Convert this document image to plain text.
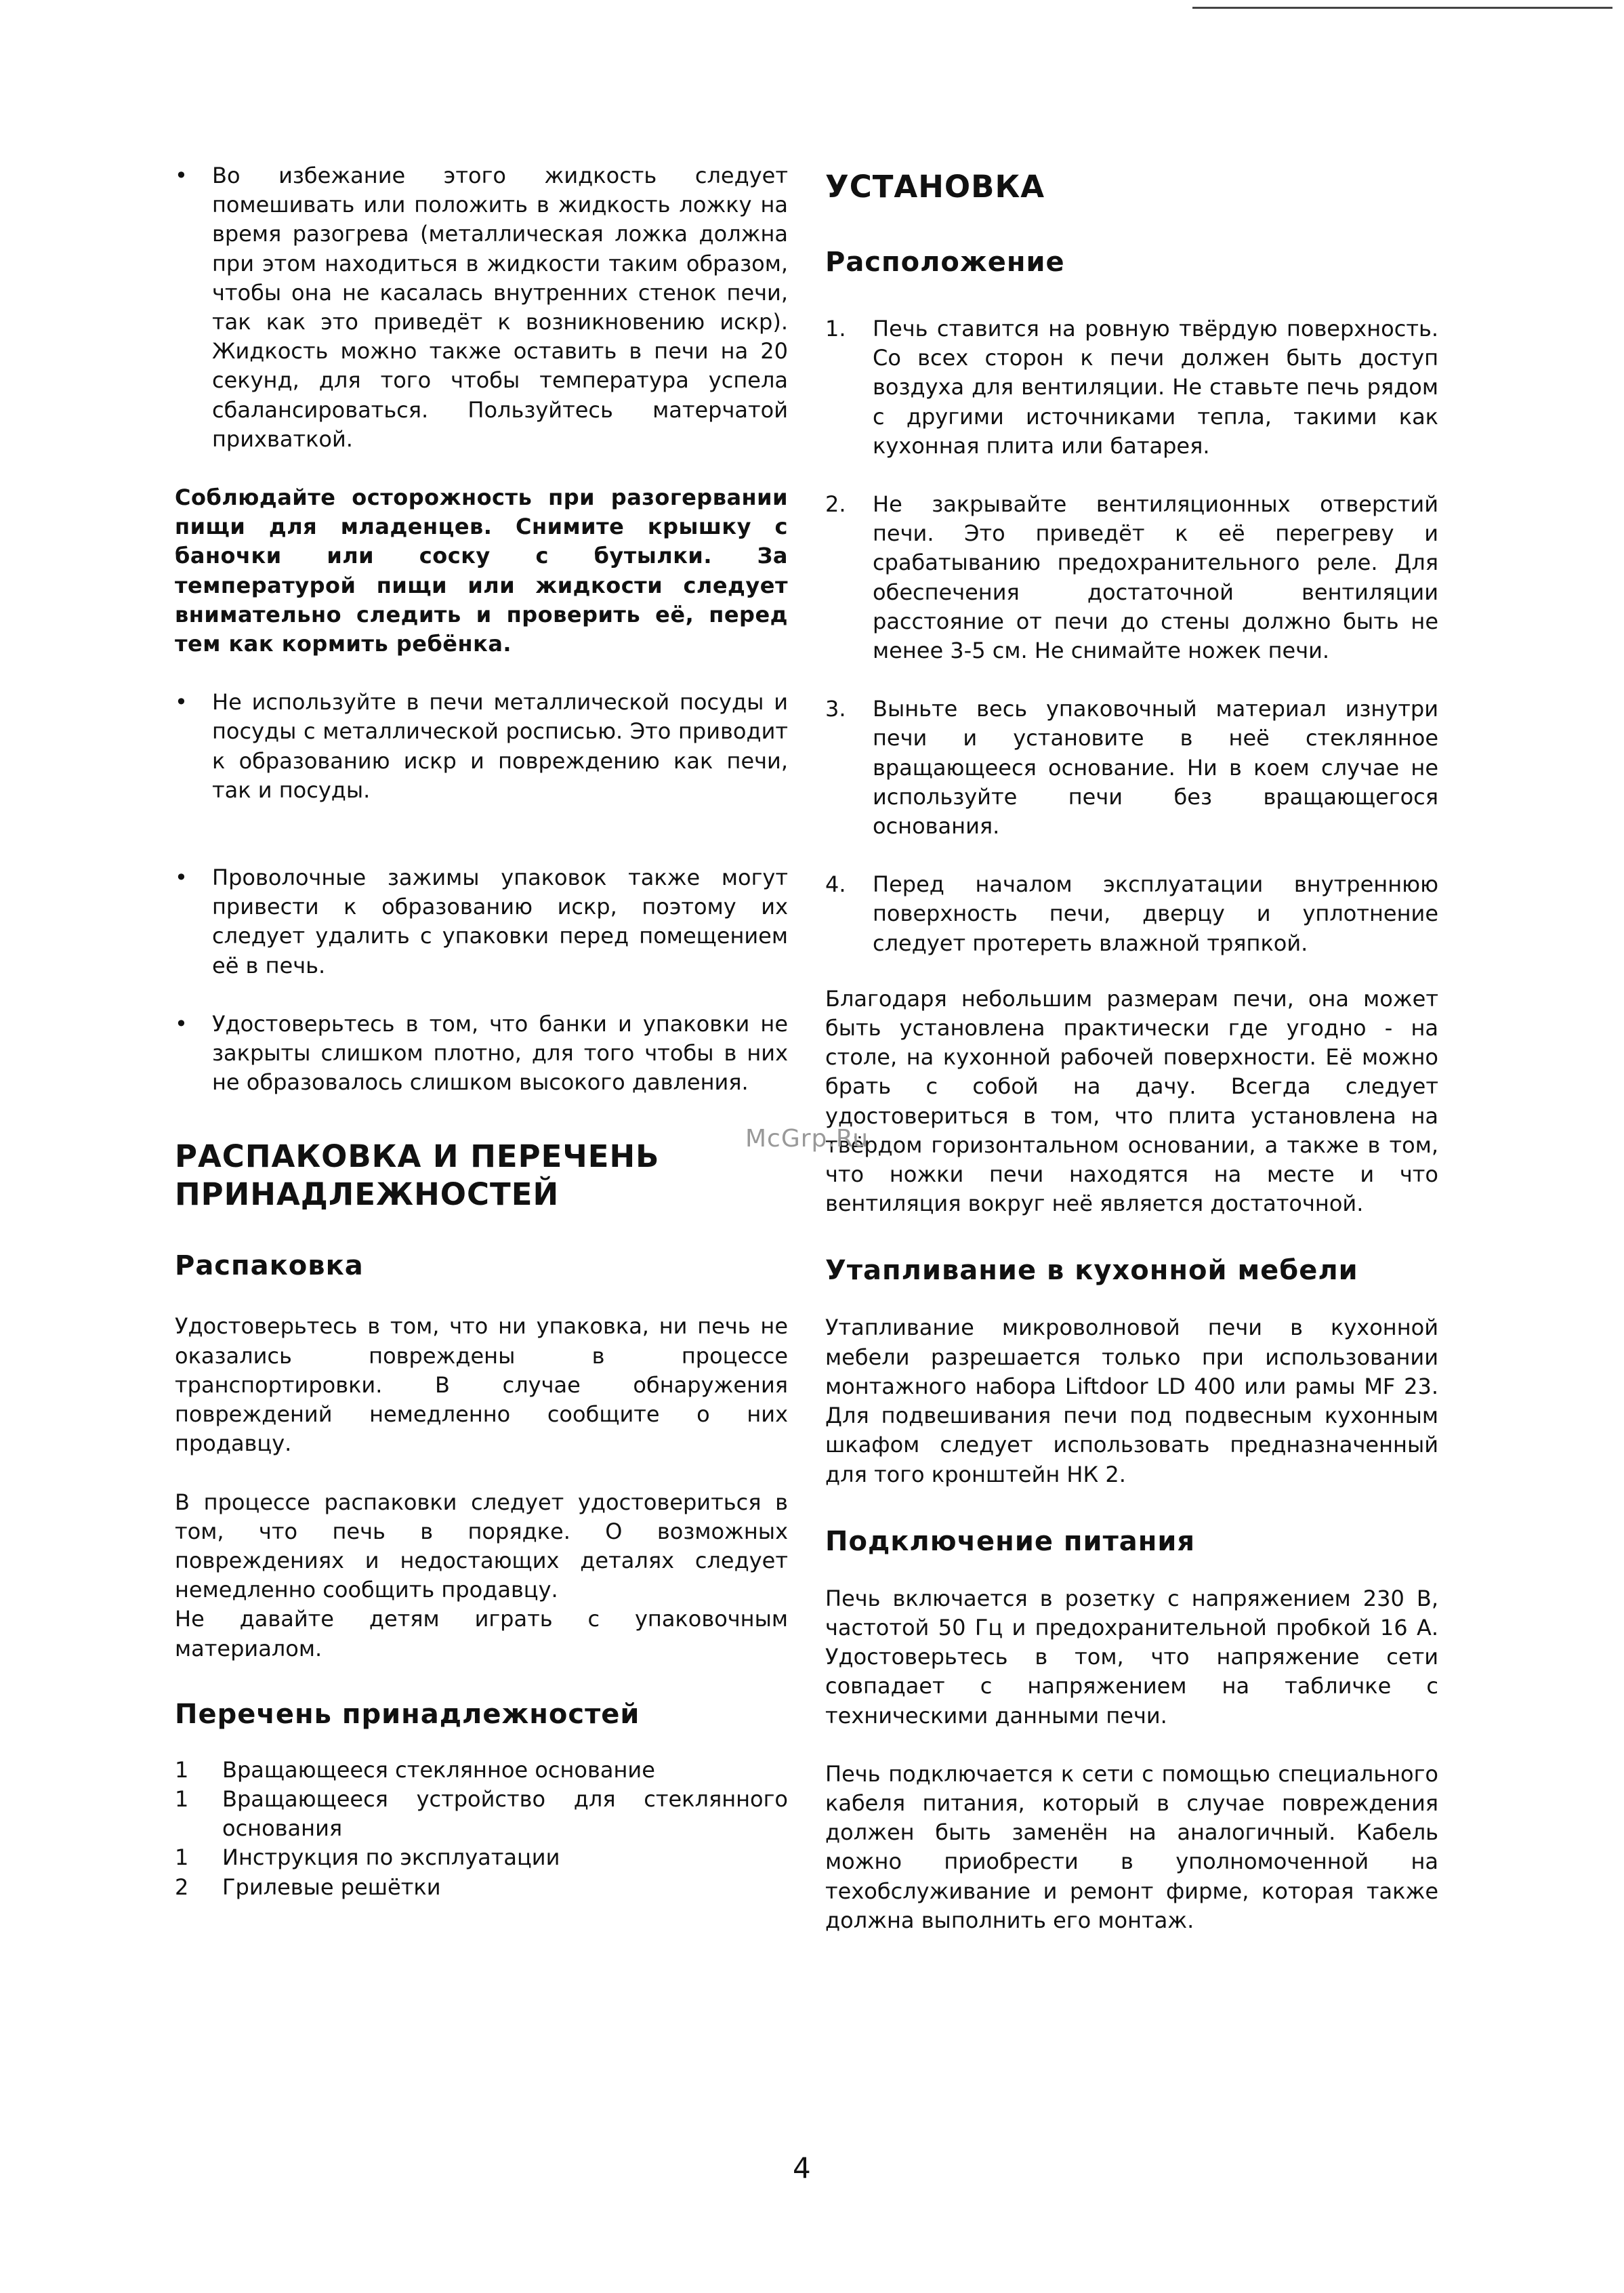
• Во избежание этого жидкость следует помешивать или положить в жидкость ложку на время разогрева (металлическая ложка должна при этом находиться в жидкости таким образом, чтобы она не касалась внутренних стенок печи, так как это приведёт к возникновению искр). Жидкость можно также оставить в печи на 20 секунд, для того чтобы температура успела сбалансироваться. Пользуйтесь матерчатой прихваткой.

Соблюдайте осторожность при разогервании пищи для младенцев. Снимите крышку с баночки или соску с бутылки. За температурой пищи или жидкости следует внимательно следить и проверить её, перед тем как кормить ребёнка.

• Не используйте в печи металлической посуды и посуды с металлической росписью. Это приводит к образованию искр и повреждению как печи, так и посуды.
• Проволочные зажимы упаковок также могут привести к образованию искр, поэтому их следует удалить с упаковки перед помещением её в печь.
• Удостоверьтесь в том, что банки и упаковки не закрыты слишком плотно, для того чтобы в них не образовалось слишком высокого давления.
РАСПАКОВКА И ПЕРЕЧЕНЬ ПРИНАДЛЕЖНОСТЕЙ
Распаковка

Удостоверьтесь в том, что ни упаковка, ни печь не оказались повреждены в процессе транспортировки. В случае обнаружения повреждений немедленно сообщите о них продавцу.

В процессе распаковки следует удостовериться в том, что печь в порядке. О возможных повреждениях и недостающих деталях следует немедленно сообщить продавцу.

Не давайте детям играть с упаковочным материалом.

Перечень принадлежностей
1	Вращающееся стеклянное основание
1	Вращающееся устройство для стеклянного основания
1	Инструкция по эксплуатации
2	Грилевые решётки
УСТАНОВКА
Расположение
1. Печь ставится на ровную твёрдую поверхность. Со всех сторон к печи должен быть доступ воздуха для вентиляции. Не ставьте печь рядом с другими источниками тепла, такими как кухонная плита или батарея.
2. Не закрывайте вентиляционных отверстий печи. Это приведёт к её перегреву и срабатыванию предохранительного реле. Для обеспечения достаточной вентиляции расстояние от печи до стены должно быть не менее 3-5 см. Не снимайте ножек печи.
3. Выньте весь упаковочный материал изнутри печи и установите в неё стеклянное вращающееся основание. Ни в коем случае не используйте печи без вращающегося основания.
4. Перед началом эксплуатации внутреннюю поверхность печи, дверцу и уплотнение следует протереть влажной тряпкой.

Благодаря небольшим размерам печи, она может быть установлена практически где угодно - на столе, на кухонной рабочей поверхности. Её можно брать с собой на дачу. Всегда следует удостовериться в том, что плита установлена на твёрдом горизонтальном основании, а также в том, что ножки печи находятся на месте и что вентиляция вокруг неё является достаточной.

Утапливание в кухонной мебели

Утапливание микроволновой печи в кухонной мебели разрешается только при использовании монтажного набора Liftdoor LD 400 или рамы MF 23. Для подвешивания печи под подвесным кухонным шкафом следует использовать предназначенный для того кронштейн НК 2.

Подключение питания

Печь включается в розетку с напряжением 230 В, частотой 50 Гц и предохранительной пробкой 16 А. Удостоверьтесь в том, что напряжение сети совпадает с напряжением на табличке с техническими данными печи.

Печь подключается к сети с помощью специального кабеля питания, который в случае повреждения должен быть заменён на аналогичный. Кабель можно приобрести в уполномоченной на техобслуживание и ремонт фирме, которая также должна выполнить его монтаж.

McGrp.Ru
4
